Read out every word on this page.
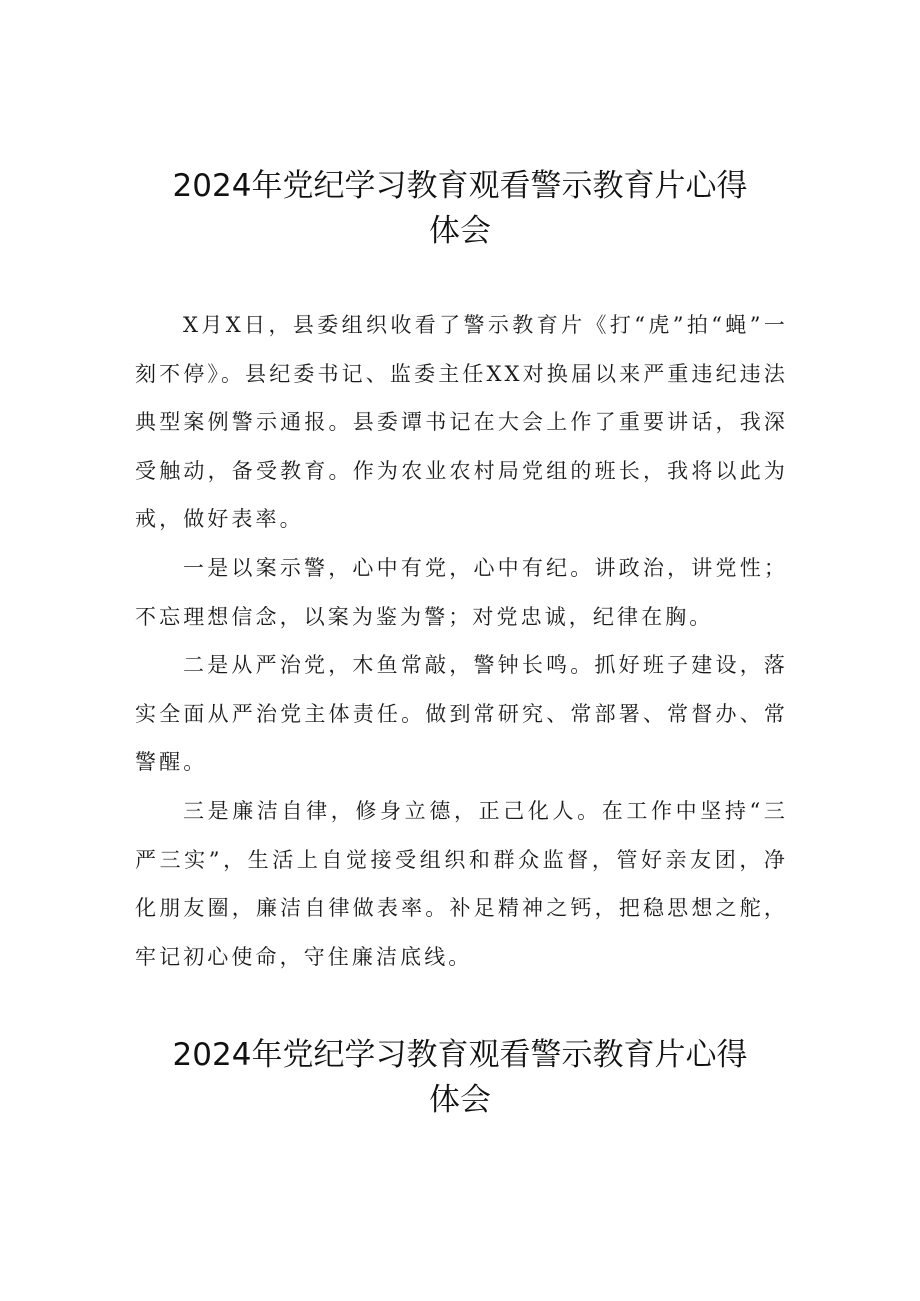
2024年党纪学习教育观看警示教育片心得
体会

X月X日，县委组织收看了警示教育片《打“虎”拍“蝇”一刻不停》。县纪委书记、监委主任XX对换届以来严重违纪违法典型案例警示通报。县委谭书记在大会上作了重要讲话，我深受触动，备受教育。作为农业农村局党组的班长，我将以此为戒，做好表率。

一是以案示警，心中有党，心中有纪。讲政治，讲党性；不忘理想信念，以案为鉴为警；对党忠诚，纪律在胸。

二是从严治党，木鱼常敲，警钟长鸣。抓好班子建设，落实全面从严治党主体责任。做到常研究、常部署、常督办、常警醒。

三是廉洁自律，修身立德，正己化人。在工作中坚持“三严三实”，生活上自觉接受组织和群众监督，管好亲友团，净化朋友圈，廉洁自律做表率。补足精神之钙，把稳思想之舵，牢记初心使命，守住廉洁底线。

2024年党纪学习教育观看警示教育片心得
体会
